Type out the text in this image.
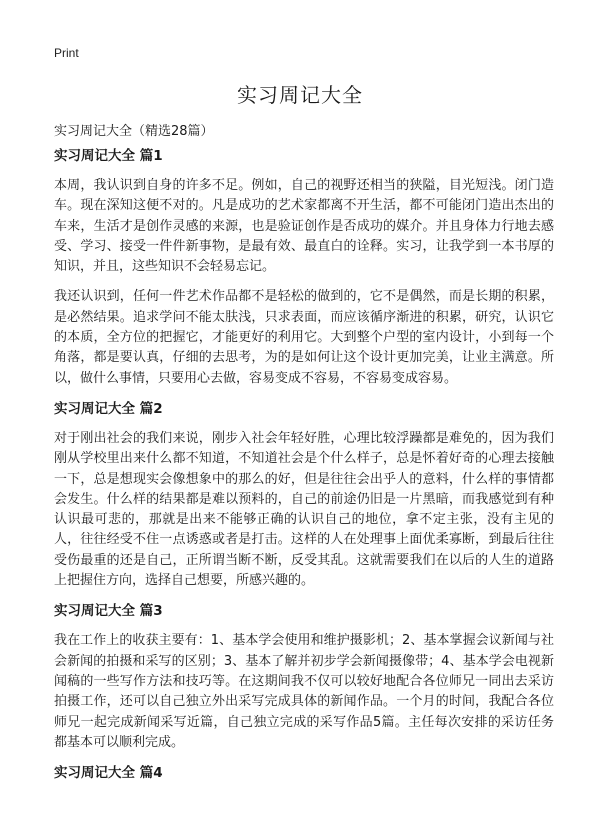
Print
实习周记大全

实习周记大全（精选28篇）

实习周记大全 篇1

本周，我认识到自身的许多不足。例如，自己的视野还相当的狭隘，目光短浅。闭门造车。现在深知这便不对的。凡是成功的艺术家都离不开生活，都不可能闭门造出杰出的车来，生活才是创作灵感的来源，也是验证创作是否成功的媒介。并且身体力行地去感受、学习、接受一件件新事物，是最有效、最直白的诠释。实习，让我学到一本书厚的知识，并且，这些知识不会轻易忘记。

我还认识到，任何一件艺术作品都不是轻松的做到的，它不是偶然，而是长期的积累，是必然结果。追求学问不能太肤浅，只求表面，而应该循序渐进的积累，研究，认识它的本质，全方位的把握它，才能更好的利用它。大到整个户型的室内设计，小到每一个角落，都是要认真，仔细的去思考，为的是如何让这个设计更加完美，让业主满意。所以，做什么事情，只要用心去做，容易变成不容易，不容易变成容易。

实习周记大全 篇2

对于刚出社会的我们来说，刚步入社会年轻好胜，心理比较浮躁都是难免的，因为我们刚从学校里出来什么都不知道，不知道社会是个什么样子，总是怀着好奇的心理去接触一下，总是想现实会像想象中的那么的好，但是往往会出乎人的意料，什么样的事情都会发生。什么样的结果都是难以预料的，自己的前途仍旧是一片黑暗，而我感觉到有种认识最可悲的，那就是出来不能够正确的认识自己的地位，拿不定主张，没有主见的人，往往经受不住一点诱惑或者是打击。这样的人在处理事上面优柔寡断，到最后往往受伤最重的还是自己，正所谓当断不断，反受其乱。这就需要我们在以后的人生的道路上把握住方向，选择自己想要，所感兴趣的。

实习周记大全 篇3

我在工作上的收获主要有：1、基本学会使用和维护摄影机；2、基本掌握会议新闻与社会新闻的拍摄和采写的区别；3、基本了解并初步学会新闻摄像带；4、基本学会电视新闻稿的一些写作方法和技巧等。在这期间我不仅可以较好地配合各位师兄一同出去采访拍摄工作，还可以自己独立外出采写完成具体的新闻作品。一个月的时间，我配合各位师兄一起完成新闻采写近篇，自己独立完成的采写作品5篇。主任每次安排的采访任务都基本可以顺利完成。

实习周记大全 篇4
